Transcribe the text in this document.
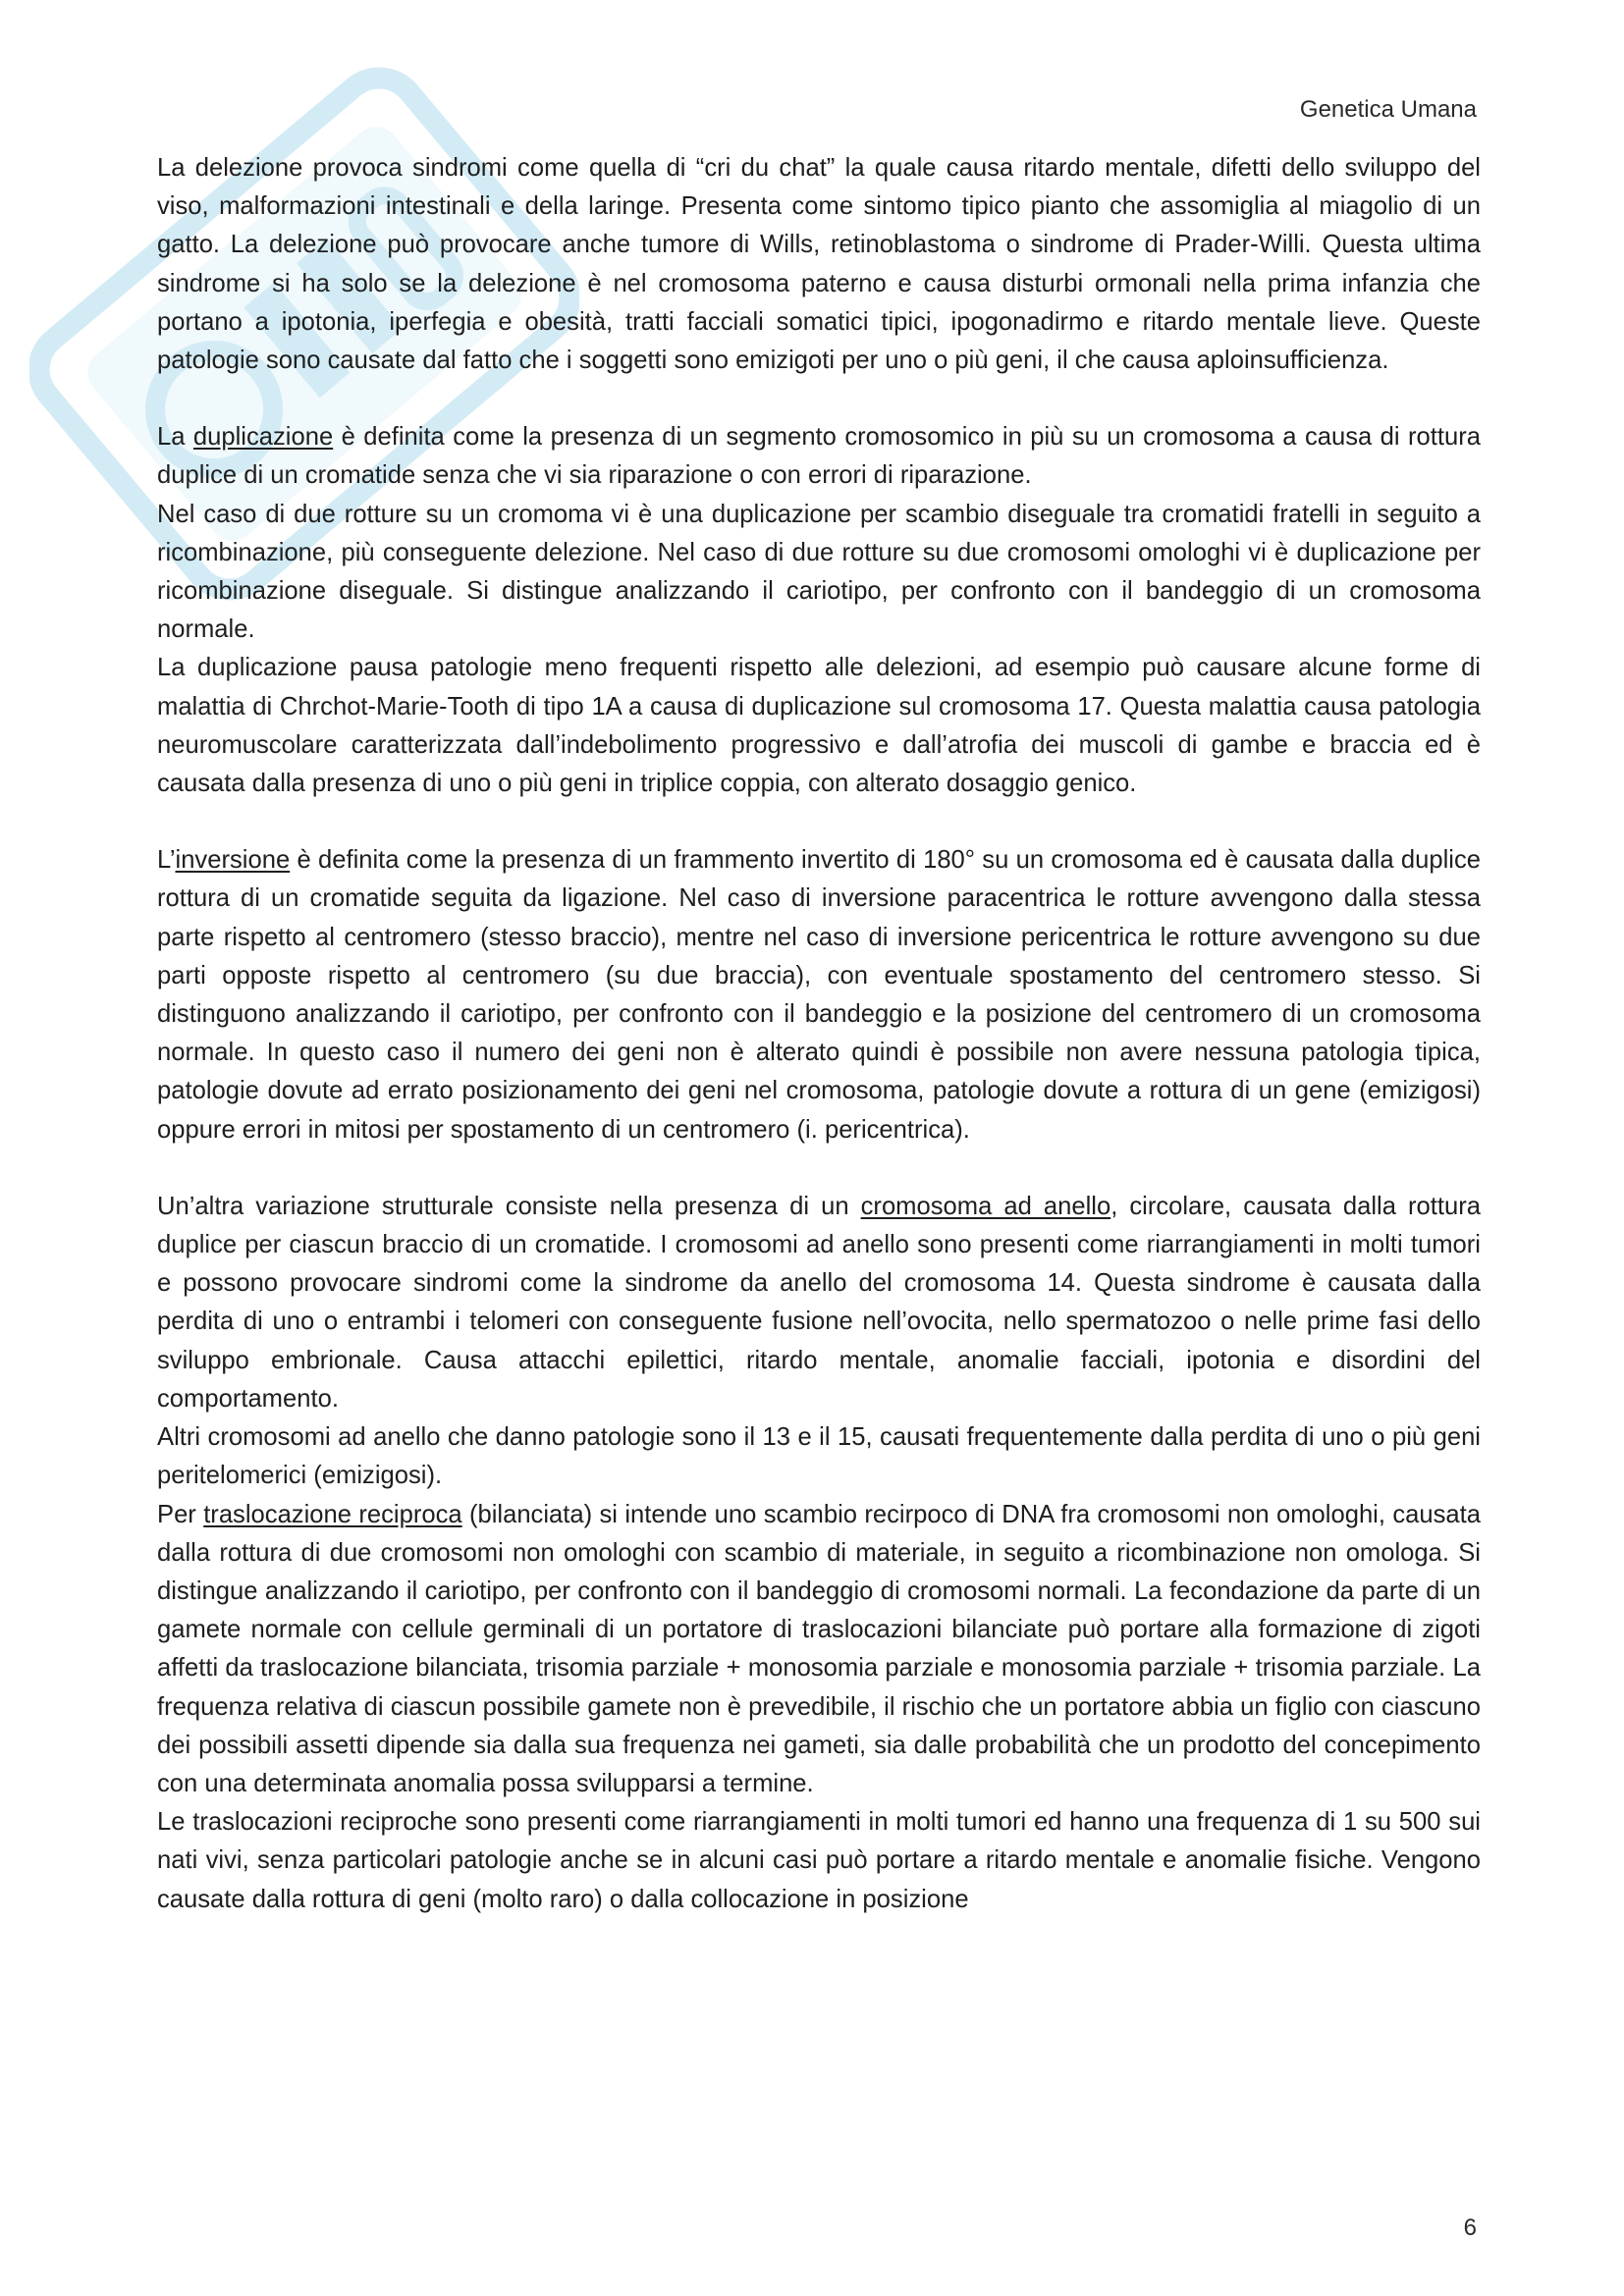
Genetica Umana

La delezione provoca sindromi come quella di “cri du chat” la quale causa ritardo mentale, difetti dello sviluppo del viso, malformazioni intestinali e della laringe. Presenta come sintomo tipico pianto che assomiglia al miagolio di un gatto. La delezione può provocare anche tumore di Wills, retinoblastoma o sindrome di Prader-Willi. Questa ultima sindrome si ha solo se la delezione è nel cromosoma paterno e causa disturbi ormonali nella prima infanzia che portano a ipotonia, iperfegia e obesità, tratti facciali somatici tipici, ipogonadirmo e ritardo mentale lieve. Queste patologie sono causate dal fatto che i soggetti sono emizigoti per uno o più geni, il che causa aploinsufficienza.

La duplicazione è definita come la presenza di un segmento cromosomico in più su un cromosoma a causa di rottura duplice di un cromatide senza che vi sia riparazione o con errori di riparazione.

Nel caso di due rotture su un cromoma vi è una duplicazione per scambio diseguale tra cromatidi fratelli in seguito a ricombinazione, più conseguente delezione. Nel caso di due rotture su due cromosomi omologhi vi è duplicazione per ricombinazione diseguale. Si distingue analizzando il cariotipo, per confronto con il bandeggio di un cromosoma normale.

La duplicazione pausa patologie meno frequenti rispetto alle delezioni, ad esempio può causare alcune forme di malattia di Chrchot-Marie-Tooth di tipo 1A a causa di duplicazione sul cromosoma 17. Questa malattia causa patologia neuromuscolare caratterizzata dall’indebolimento progressivo e dall’atrofia dei muscoli di gambe e braccia ed è causata dalla presenza di uno o più geni in triplice coppia, con alterato dosaggio genico.

L’inversione è definita come la presenza di un frammento invertito di 180° su un cromosoma ed è causata dalla duplice rottura di un cromatide seguita da ligazione. Nel caso di inversione paracentrica le rotture avvengono dalla stessa parte rispetto al centromero (stesso braccio), mentre nel caso di inversione pericentrica le rotture avvengono su due parti opposte rispetto al centromero (su due braccia), con eventuale spostamento del centromero stesso. Si distinguono analizzando il cariotipo, per confronto con il bandeggio e la posizione del centromero di un cromosoma normale. In questo caso il numero dei geni non è alterato quindi è possibile non avere nessuna patologia tipica, patologie dovute ad errato posizionamento dei geni nel cromosoma, patologie dovute a rottura di un gene (emizigosi) oppure errori in mitosi per spostamento di un centromero (i. pericentrica).

Un’altra variazione strutturale consiste nella presenza di un cromosoma ad anello, circolare, causata dalla rottura duplice per ciascun braccio di un cromatide. I cromosomi ad anello sono presenti come riarrangiamenti in molti tumori e possono provocare sindromi come la sindrome da anello del cromosoma 14. Questa sindrome è causata dalla perdita di uno o entrambi i telomeri con conseguente fusione nell’ovocita, nello spermatozoo o nelle prime fasi dello sviluppo embrionale. Causa attacchi epilettici, ritardo mentale, anomalie facciali, ipotonia e disordini del comportamento.

Altri cromosomi ad anello che danno patologie sono il 13 e il 15, causati frequentemente dalla perdita di uno o più geni peritelomerici (emizigosi).

Per traslocazione reciproca (bilanciata) si intende uno scambio recirpoco di DNA fra cromosomi non omologhi, causata dalla rottura di due cromosomi non omologhi con scambio di materiale, in seguito a ricombinazione non omologa. Si distingue analizzando il cariotipo, per confronto con il bandeggio di cromosomi normali. La fecondazione da parte di un gamete normale con cellule germinali di un portatore di traslocazioni bilanciate può portare alla formazione di zigoti affetti da traslocazione bilanciata, trisomia parziale + monosomia parziale e monosomia parziale + trisomia parziale. La frequenza relativa di ciascun possibile gamete non è prevedibile, il rischio che un portatore abbia un figlio con ciascuno dei possibili assetti dipende sia dalla sua frequenza nei gameti, sia dalle probabilità che un prodotto del concepimento con una determinata anomalia possa svilupparsi a termine.

Le traslocazioni reciproche sono presenti come riarrangiamenti in molti tumori ed hanno una frequenza di 1 su 500 sui nati vivi, senza particolari patologie anche se in alcuni casi può portare a ritardo mentale e anomalie fisiche. Vengono causate dalla rottura di geni (molto raro) o dalla collocazione in posizione

6
